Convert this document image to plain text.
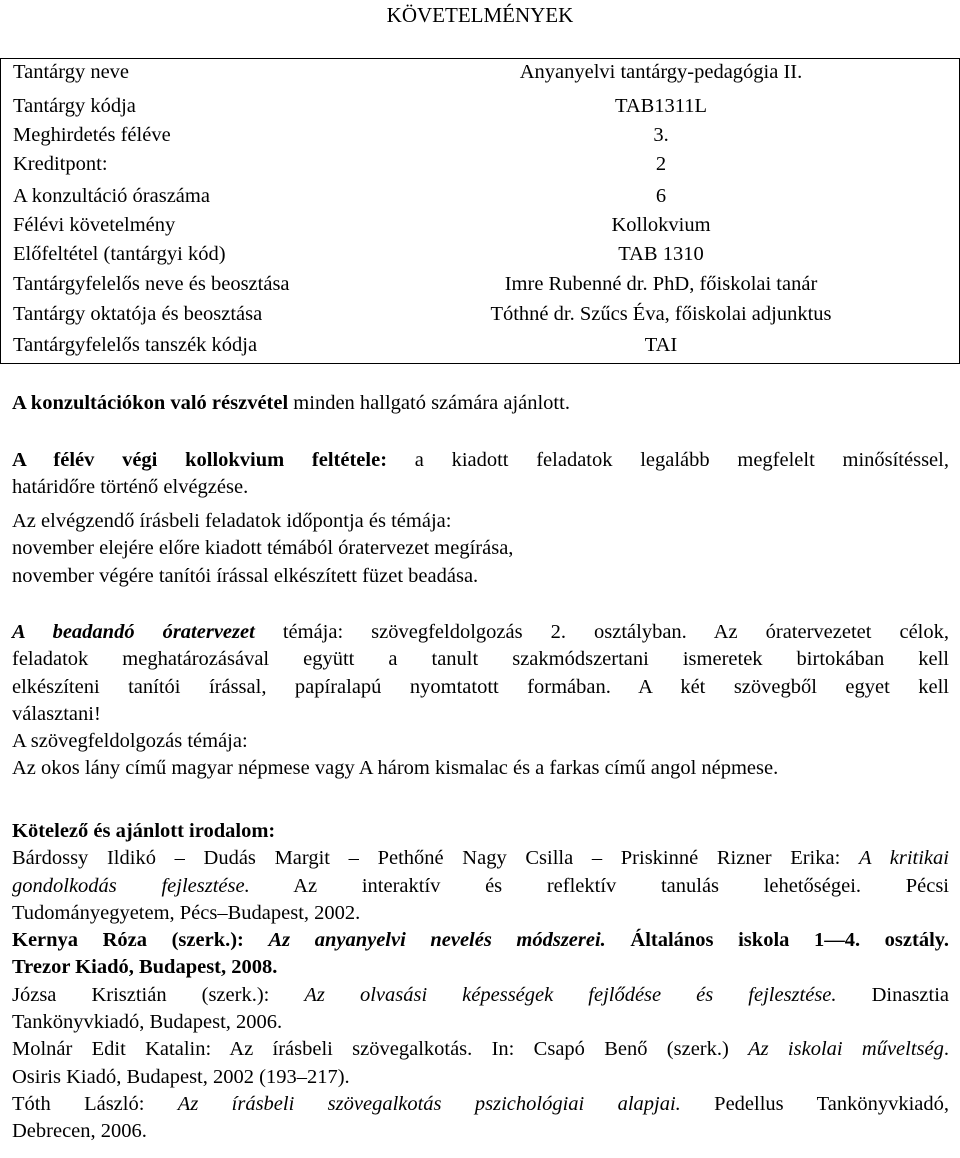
KÖVETELMÉNYEK
Tantárgy neve	Anyanyelvi tantárgy-pedagógia II.
Tantárgy kódja	TAB1311L
Meghirdetés féléve	3.
Kreditpont:	2
A konzultáció óraszáma	6
Félévi követelmény	Kollokvium
Előfeltétel (tantárgyi kód)	TAB 1310
Tantárgyfelelős neve és beosztása	Imre Rubenné dr. PhD, főiskolai tanár
Tantárgy oktatója és beosztása	Tóthné dr. Szűcs Éva, főiskolai adjunktus
Tantárgyfelelős tanszék kódja	TAI
A konzultációkon való részvétel minden hallgató számára ajánlott.
A félév végi kollokvium feltétele: a kiadott feladatok legalább megfelelt minősítéssel,
határidőre történő elvégzése.
Az elvégzendő írásbeli feladatok időpontja és témája:
november elejére előre kiadott témából óratervezet megírása,
november végére tanítói írással elkészített füzet beadása.
A beadandó óratervezet témája: szövegfeldolgozás 2. osztályban. Az óratervezetet célok,
feladatok meghatározásával együtt a tanult szakmódszertani ismeretek birtokában kell
elkészíteni tanítói írással, papíralapú nyomtatott formában. A két szövegből egyet kell
választani!
A szövegfeldolgozás témája:
Az okos lány című magyar népmese vagy A három kismalac és a farkas című angol népmese.
Kötelező és ajánlott irodalom:
Bárdossy Ildikó – Dudás Margit – Pethőné Nagy Csilla – Priskinné Rizner Erika: A kritikai
gondolkodás fejlesztése. Az interaktív és reflektív tanulás lehetőségei. Pécsi
Tudományegyetem, Pécs–Budapest, 2002.
Kernya Róza (szerk.): Az anyanyelvi nevelés módszerei. Általános iskola 1—4. osztály.
Trezor Kiadó, Budapest, 2008.
Józsa Krisztián (szerk.): Az olvasási képességek fejlődése és fejlesztése. Dinasztia
Tankönyvkiadó, Budapest, 2006.
Molnár Edit Katalin: Az írásbeli szövegalkotás. In: Csapó Benő (szerk.) Az iskolai műveltség.
Osiris Kiadó, Budapest, 2002 (193–217).
Tóth László: Az írásbeli szövegalkotás pszichológiai alapjai. Pedellus Tankönyvkiadó,
Debrecen, 2006.
